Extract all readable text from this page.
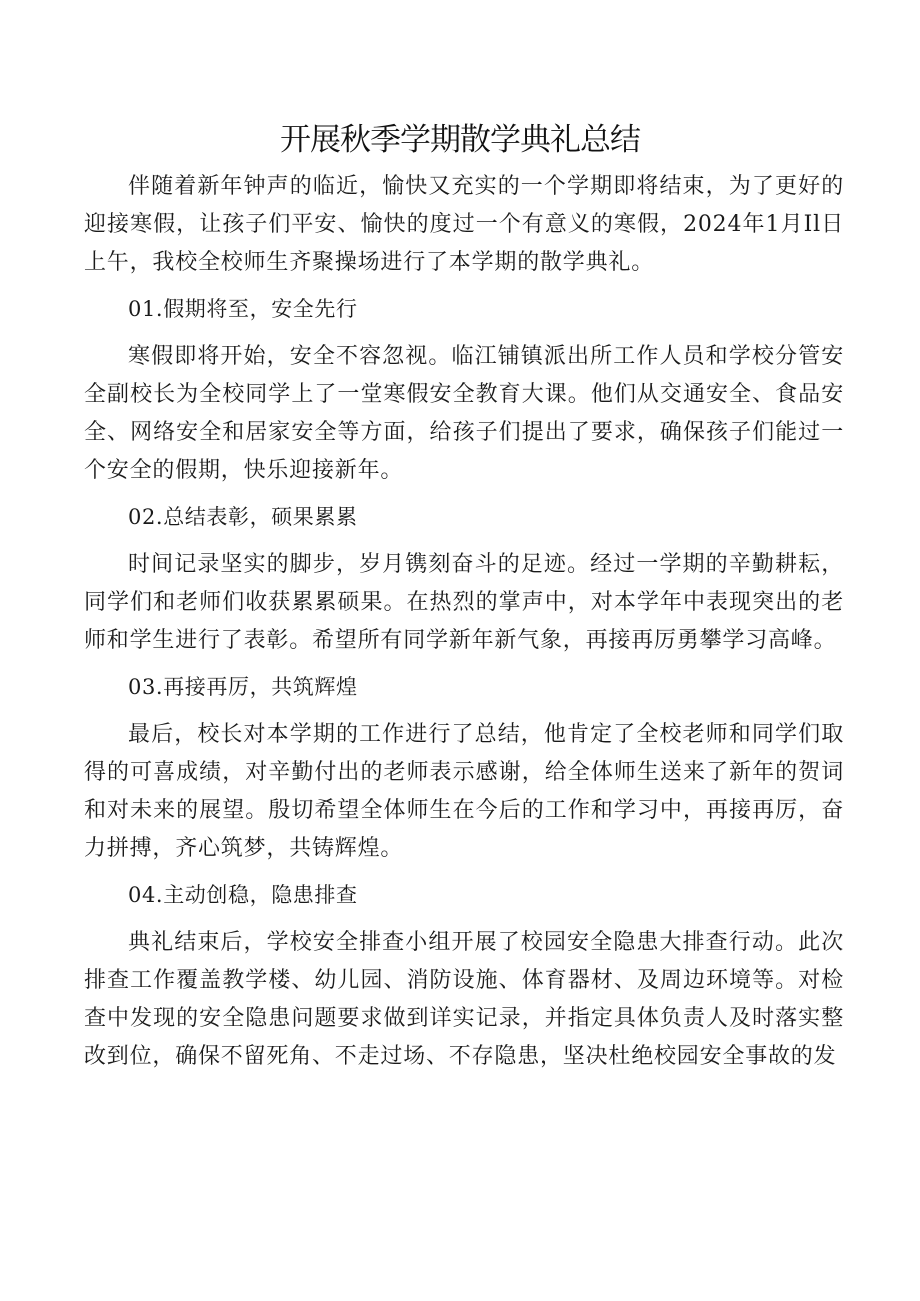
开展秋季学期散学典礼总结

伴随着新年钟声的临近，愉快又充实的一个学期即将结束，为了更好的迎接寒假，让孩子们平安、愉快的度过一个有意义的寒假，2024年1月Il日上午，我校全校师生齐聚操场进行了本学期的散学典礼。

01.假期将至，安全先行

寒假即将开始，安全不容忽视。临江铺镇派出所工作人员和学校分管安全副校长为全校同学上了一堂寒假安全教育大课。他们从交通安全、食品安全、网络安全和居家安全等方面，给孩子们提出了要求，确保孩子们能过一个安全的假期，快乐迎接新年。

02.总结表彰，硕果累累

时间记录坚实的脚步，岁月镌刻奋斗的足迹。经过一学期的辛勤耕耘，同学们和老师们收获累累硕果。在热烈的掌声中，对本学年中表现突出的老师和学生进行了表彰。希望所有同学新年新气象，再接再厉勇攀学习高峰。

03.再接再厉，共筑辉煌

最后，校长对本学期的工作进行了总结，他肯定了全校老师和同学们取得的可喜成绩，对辛勤付出的老师表示感谢，给全体师生送来了新年的贺词和对未来的展望。殷切希望全体师生在今后的工作和学习中，再接再厉，奋力拼搏，齐心筑梦，共铸辉煌。

04.主动创稳，隐患排查

典礼结束后，学校安全排查小组开展了校园安全隐患大排查行动。此次排查工作覆盖教学楼、幼儿园、消防设施、体育器材、及周边环境等。对检查中发现的安全隐患问题要求做到详实记录，并指定具体负责人及时落实整改到位，确保不留死角、不走过场、不存隐患，坚决杜绝校园安全事故的发
